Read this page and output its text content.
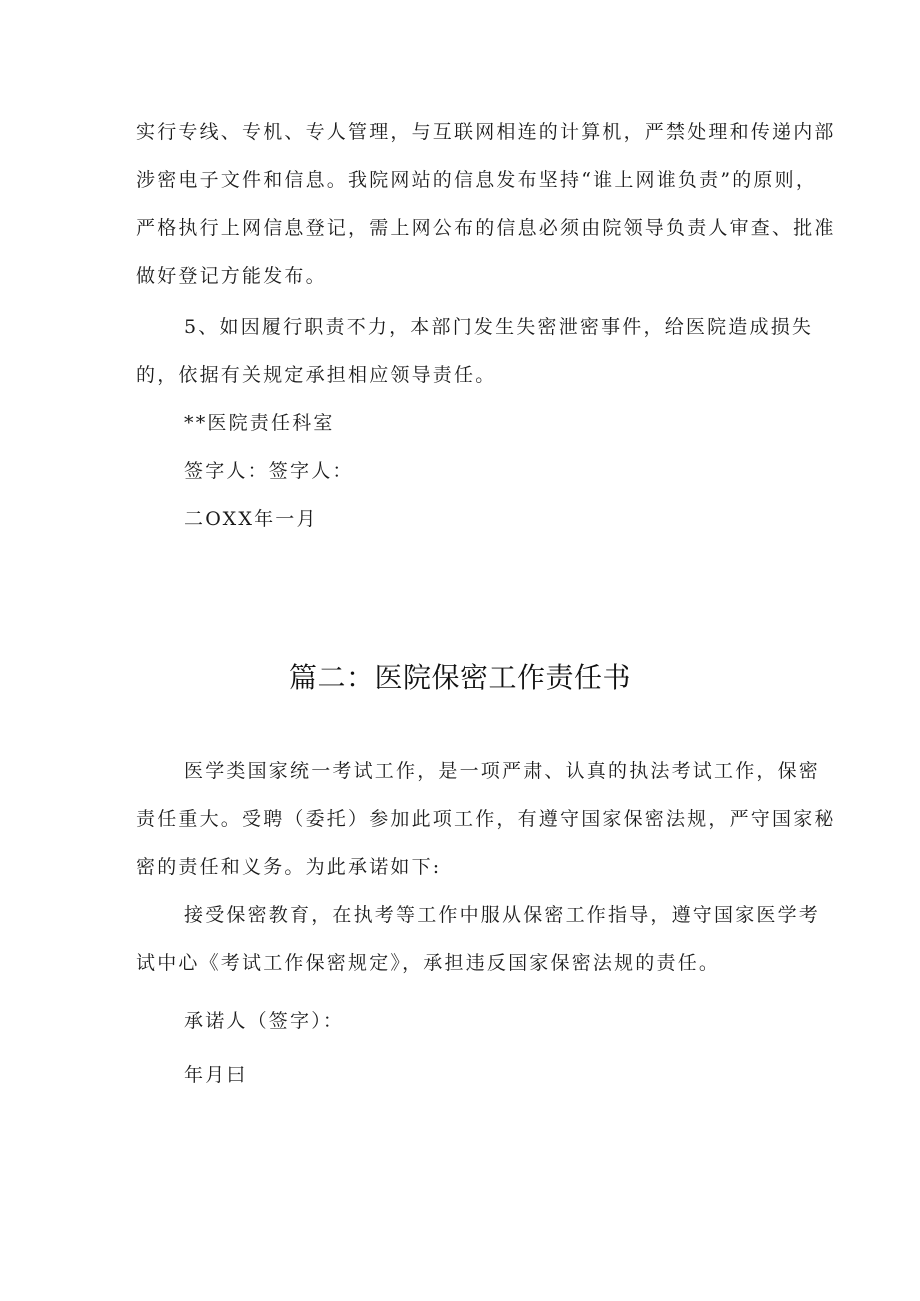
实行专线、专机、专人管理，与互联网相连的计算机，严禁处理和传递内部
涉密电子文件和信息。我院网站的信息发布坚持“谁上网谁负责”的原则，
严格执行上网信息登记，需上网公布的信息必须由院领导负责人审查、批准
做好登记方能发布。
5、如因履行职责不力，本部门发生失密泄密事件，给医院造成损失
的，依据有关规定承担相应领导责任。
**医院责任科室
签字人：签字人：
二OXX年一月
篇二：医院保密工作责任书
医学类国家统一考试工作，是一项严肃、认真的执法考试工作，保密
责任重大。受聘（委托）参加此项工作，有遵守国家保密法规，严守国家秘
密的责任和义务。为此承诺如下:
接受保密教育，在执考等工作中服从保密工作指导，遵守国家医学考
试中心《考试工作保密规定》，承担违反国家保密法规的责任。
承诺人（签字）：
年月曰
